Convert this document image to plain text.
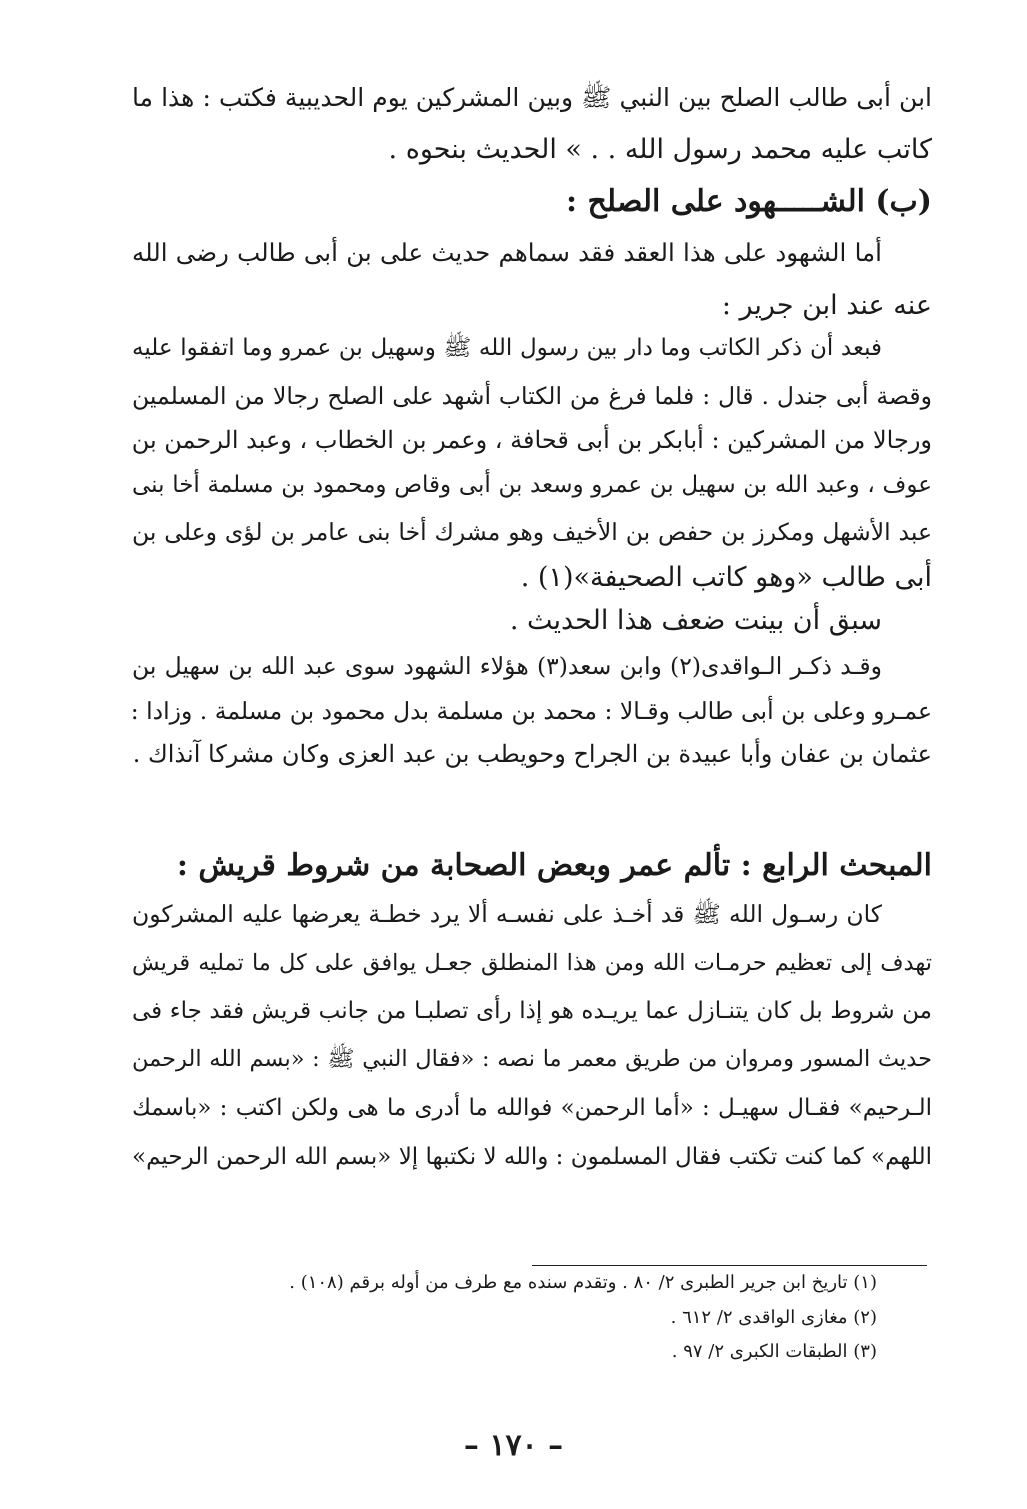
ابن أبى طالب الصلح بين النبي ﷺ وبين المشركين يوم الحديبية فكتب : هذا ما
كاتب عليه محمد رسول الله . . » الحديث بنحوه .
(ب) الشـــــهود على الصلح :
أما الشهود على هذا العقد فقد سماهم حديث على بن أبى طالب رضى الله
عنه عند ابن جرير :
فبعد أن ذكر الكاتب وما دار بين رسول الله ﷺ وسهيل بن عمرو وما اتفقوا عليه
وقصة أبى جندل . قال : فلما فرغ من الكتاب أشهد على الصلح رجالا من المسلمين
ورجالا من المشركين : أبابكر بن أبى قحافة ، وعمر بن الخطاب ، وعبد الرحمن بن
عوف ، وعبد الله بن سهيل بن عمرو وسعد بن أبى وقاص ومحمود بن مسلمة أخا بنى
عبد الأشهل ومكرز بن حفص بن الأخيف وهو مشرك أخا بنى عامر بن لؤى وعلى بن
أبى طالب «وهو كاتب الصحيفة»(١) .
سبق أن بينت ضعف هذا الحديث .
وقـد ذكـر الـواقدى(٢) وابن سعد(٣) هؤلاء الشهود سوى عبد الله بن سهيل بن
عمـرو وعلى بن أبى طالب وقـالا : محمد بن مسلمة بدل محمود بن مسلمة . وزادا :
عثمان بن عفان وأبا عبيدة بن الجراح وحويطب بن عبد العزى وكان مشركا آنذاك .
المبحث الرابع : تألم عمر وبعض الصحابة من شروط قريش :
كان رسـول الله ﷺ قد أخـذ على نفسـه ألا يرد خطـة يعرضها عليه المشركون
تهدف إلى تعظيم حرمـات الله ومن هذا المنطلق جعـل يوافق على كل ما تمليه قريش
من شروط بل كان يتنـازل عما يريـده هو إذا رأى تصلبـا من جانب قريش فقد جاء فى
حديث المسور ومروان من طريق معمر ما نصه : «فقال النبي ﷺ : «بسم الله الرحمن
الـرحيم» فقـال سهيـل : «أما الرحمن» فوالله ما أدرى ما هى ولكن اكتب : «باسمك
اللهم» كما كنت تكتب فقال المسلمون : والله لا نكتبها إلا «بسم الله الرحمن الرحيم»
(١) تاريخ ابن جرير الطبرى ٢/ ٨٠ . وتقدم سنده مع طرف من أوله برقم (١٠٨) .
(٢) مغازى الواقدى ٢/ ٦١٢ .
(٣) الطبقات الكبرى ٢/ ٩٧ .
– ١٧٠ –
